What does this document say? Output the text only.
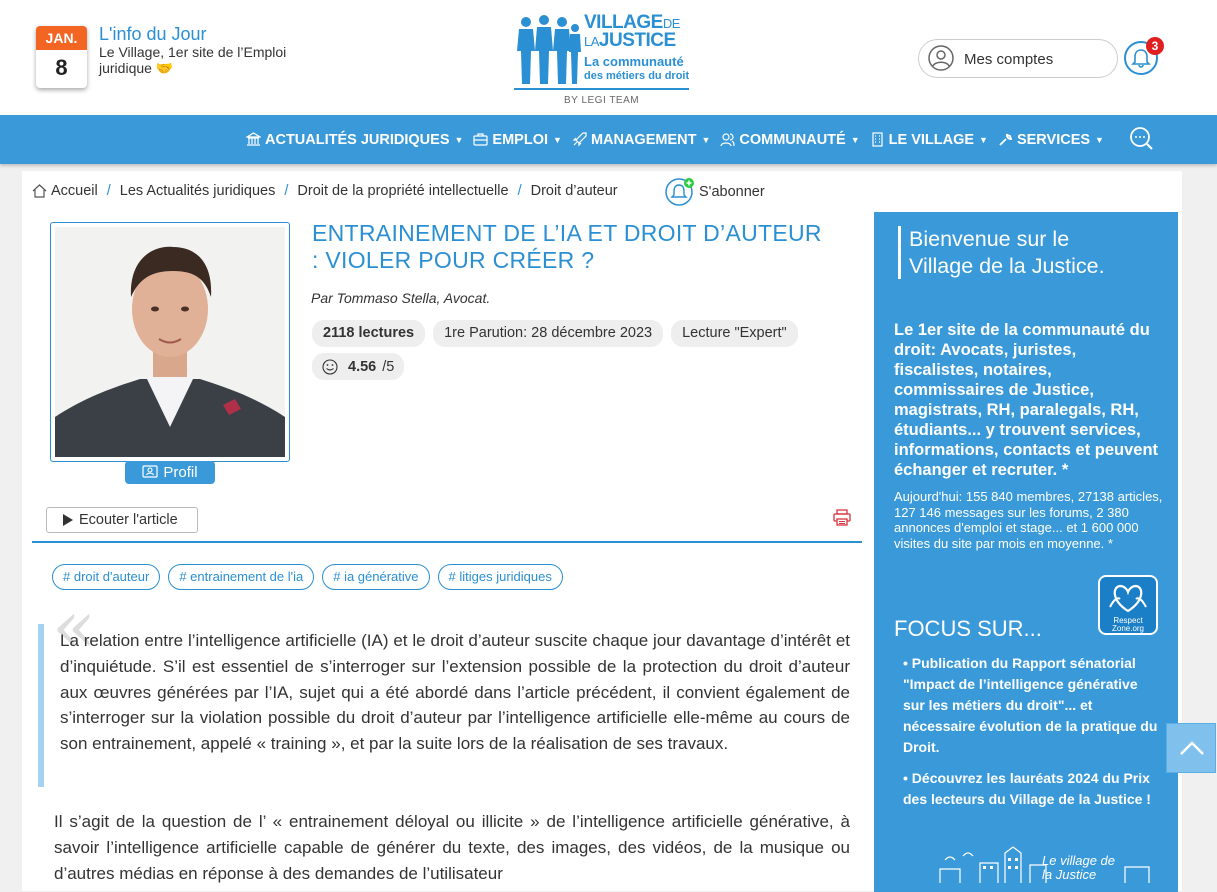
JAN.
8
L'info du Jour
Le Village, 1er site de l’Emploi juridique 🤝
VILLAGEDE
LAJUSTICE
La communauté
des métiers du droit
BY LEGI TEAM
Mes comptes
3
ACTUALITÉS JURIDIQUES ▼ EMPLOI ▼ MANAGEMENT ▼ COMMUNAUTÉ ▼ LE VILLAGE ▼ SERVICES ▼
Accueil / Les Actualités juridiques / Droit de la propriété intellectuelle / Droit d’auteur	S'abonner
Profil
ENTRAINEMENT DE L’IA ET DROIT D’AUTEUR : VIOLER POUR CRÉER ?
Par Tommaso Stella, Avocat.
2118 lectures	1re Parution: 28 décembre 2023	Lecture "Expert"
4.56 /5
Ecouter l'article
# droit d'auteur	# entrainement de l'ia	# ia générative	# litiges juridiques
«

La relation entre l’intelligence artificielle (IA) et le droit d’auteur suscite chaque jour davantage d’intérêt et d’inquiétude. S’il est essentiel de s’interroger sur l’extension possible de la protection du droit d’auteur aux œuvres générées par l’IA, sujet qui a été abordé dans l’article précédent, il convient également de s’interroger sur la violation possible du droit d’auteur par l’intelligence artificielle elle-même au cours de son entrainement, appelé « training », et par la suite lors de la réalisation de ses travaux.

Il s’agit de la question de l’ « entrainement déloyal ou illicite » de l’intelligence artificielle générative, à savoir l’intelligence artificielle capable de générer du texte, des images, des vidéos, de la musique ou d’autres médias en réponse à des demandes de l’utilisateur

Bienvenue sur le Village de la Justice.
Le 1er site de la communauté du droit: Avocats, juristes, fiscalistes, notaires, commissaires de Justice, magistrats, RH, paralegals, RH, étudiants... y trouvent services, informations, contacts et peuvent échanger et recruter. *
Aujourd'hui: 155 840 membres, 27138 articles, 127 146 messages sur les forums, 2 380 annonces d'emploi et stage... et 1 600 000 visites du site par mois en moyenne. *
Respect Zone.org
FOCUS SUR...
• Publication du Rapport sénatorial "Impact de l’intelligence générative sur les métiers du droit"... et nécessaire évolution de la pratique du Droit.
• Découvrez les lauréats 2024 du Prix des lecteurs du Village de la Justice !
Le village de la Justice
